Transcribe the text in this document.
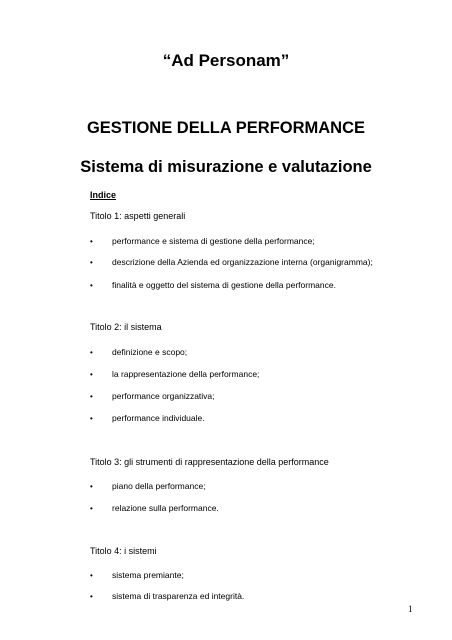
“Ad Personam”
GESTIONE DELLA PERFORMANCE
Sistema di misurazione e valutazione
Indice
Titolo 1: aspetti generali
• performance e sistema di gestione della performance;
• descrizione della Azienda ed organizzazione interna (organigramma);
• finalità e oggetto del sistema di gestione della performance.
Titolo 2: il sistema
• definizione e scopo;
• la rappresentazione della performance;
• performance organizzativa;
• performance individuale.
Titolo 3: gli strumenti di rappresentazione della performance
• piano della performance;
• relazione sulla performance.
Titolo 4: i sistemi
• sistema premiante;
• sistema di trasparenza ed integrità.
1
